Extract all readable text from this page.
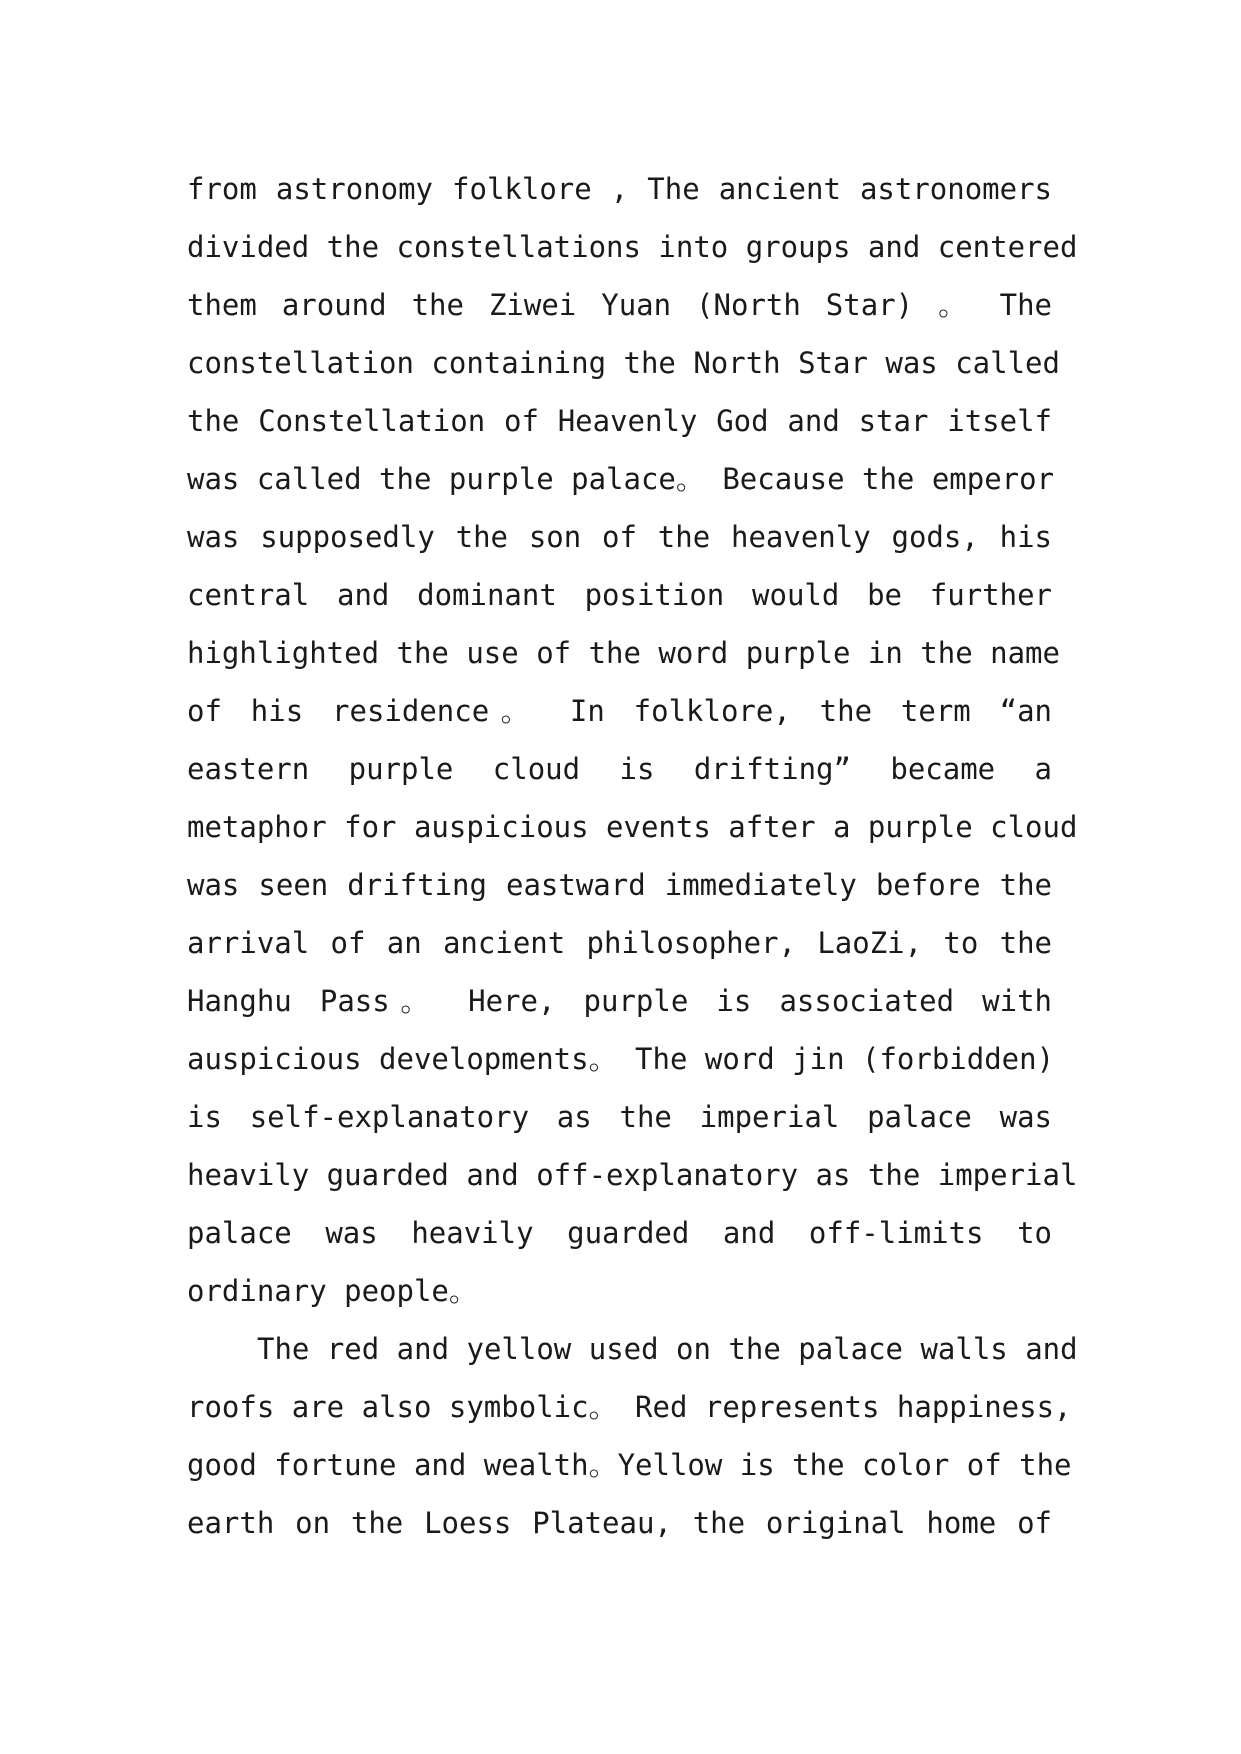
from astronomy folklore , The ancient astronomers
divided the constellations into groups and centered
them around the Ziwei Yuan (North Star) 。 The
constellation containing the North Star was called
the Constellation of Heavenly God and star itself
was called the purple palace。 Because the emperor
was supposedly the son of the heavenly gods, his
central and dominant position would be further
highlighted the use of the word purple in the name
of his residence。 In folklore, the term “an
eastern purple cloud is drifting” became a
metaphor for auspicious events after a purple cloud
was seen drifting eastward immediately before the
arrival of an ancient philosopher, LaoZi, to the
Hanghu Pass。 Here, purple is associated with
auspicious developments。 The word jin (forbidden)
is self-explanatory as the imperial palace was
heavily guarded and off-explanatory as the imperial
palace was heavily guarded and off-limits to
ordinary people。
The red and yellow used on the palace walls and
roofs are also symbolic。 Red represents happiness,
good fortune and wealth。Yellow is the color of the
earth on the Loess Plateau, the original home of
